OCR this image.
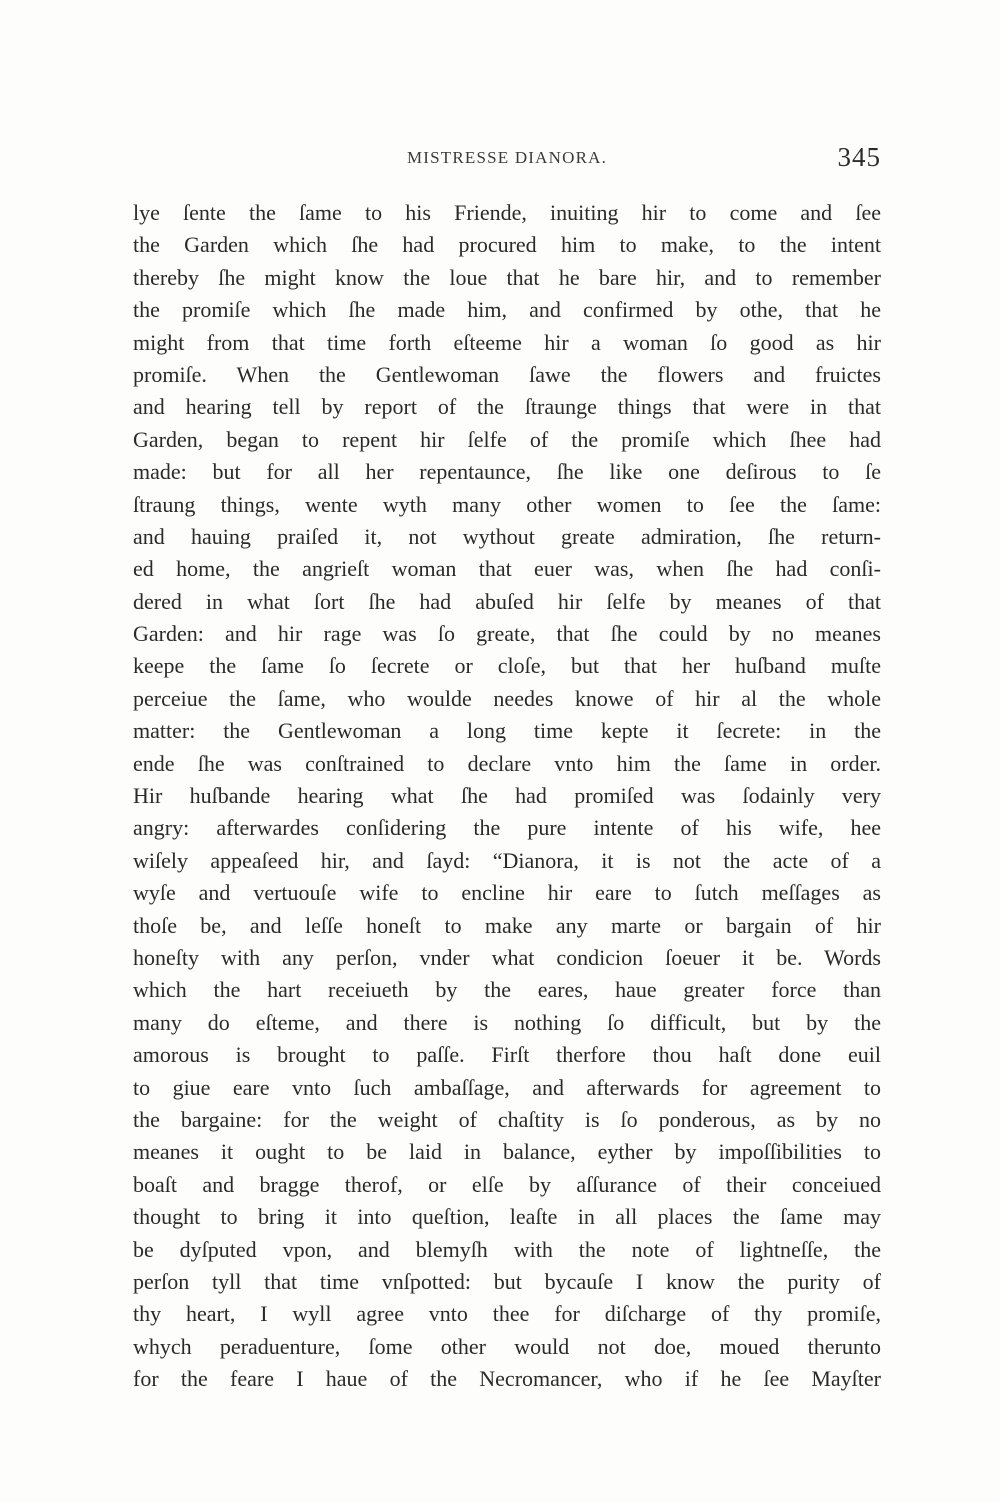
MISTRESSE DIANORA.	345
lye ſente the ſame to his Friende, inuiting hir to come and ſee
the Garden which ſhe had procured him to make, to the intent
thereby ſhe might know the loue that he bare hir, and to remember
the promiſe which ſhe made him, and confirmed by othe, that he
might from that time forth eſteeme hir a woman ſo good as hir
promiſe. When the Gentlewoman ſawe the flowers and fruictes
and hearing tell by report of the ſtraunge things that were in that
Garden, began to repent hir ſelfe of the promiſe which ſhee had
made: but for all her repentaunce, ſhe like one deſirous to ſe
ſtraung things, wente wyth many other women to ſee the ſame:
and hauing praiſed it, not wythout greate admiration, ſhe return-
ed home, the angrieſt woman that euer was, when ſhe had conſi-
dered in what ſort ſhe had abuſed hir ſelfe by meanes of that
Garden: and hir rage was ſo greate, that ſhe could by no meanes
keepe the ſame ſo ſecrete or cloſe, but that her huſband muſte
perceiue the ſame, who woulde needes knowe of hir al the whole
matter: the Gentlewoman a long time kepte it ſecrete: in the
ende ſhe was conſtrained to declare vnto him the ſame in order.
Hir huſbande hearing what ſhe had promiſed was ſodainly very
angry: afterwardes conſidering the pure intente of his wife, hee
wiſely appeaſeed hir, and ſayd: “Dianora, it is not the acte of a
wyſe and vertuouſe wife to encline hir eare to ſutch meſſages as
thoſe be, and leſſe honeſt to make any marte or bargain of hir
honeſty with any perſon, vnder what condicion ſoeuer it be. Words
which the hart receiueth by the eares, haue greater force than
many do eſteme, and there is nothing ſo difficult, but by the
amorous is brought to paſſe. Firſt therfore thou haſt done euil
to giue eare vnto ſuch ambaſſage, and afterwards for agreement to
the bargaine: for the weight of chaſtity is ſo ponderous, as by no
meanes it ought to be laid in balance, eyther by impoſſibilities to
boaſt and bragge therof, or elſe by aſſurance of their conceiued
thought to bring it into queſtion, leaſte in all places the ſame may
be dyſputed vpon, and blemyſh with the note of lightneſſe, the
perſon tyll that time vnſpotted: but bycauſe I know the purity of
thy heart, I wyll agree vnto thee for diſcharge of thy promiſe,
whych peraduenture, ſome other would not doe, moued therunto
for the feare I haue of the Necromancer, who if he ſee Mayſter
